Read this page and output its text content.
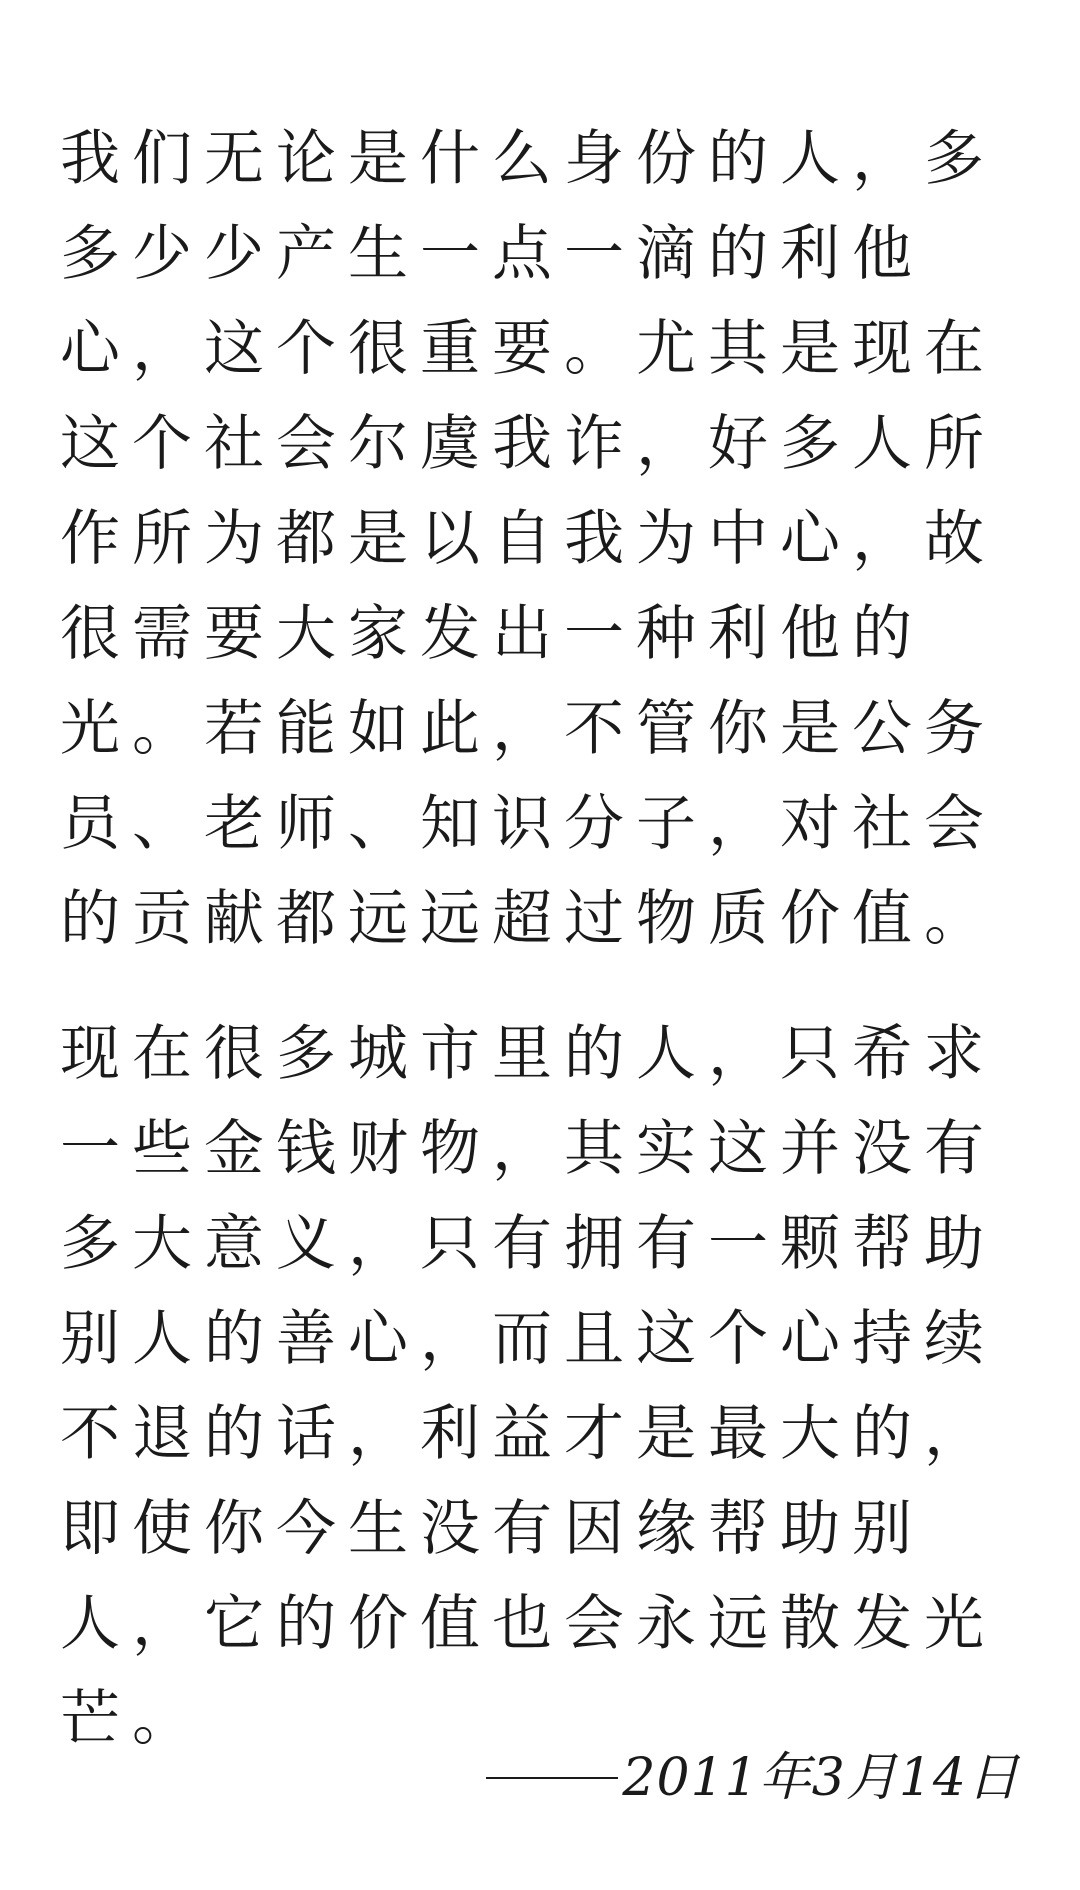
我们无论是什么身份的人，多多少少产生一点一滴的利他心，这个很重要。尤其是现在这个社会尔虞我诈，好多人所作所为都是以自我为中心，故很需要大家发出一种利他的光。若能如此，不管你是公务员、老师、知识分子，对社会的贡献都远远超过物质价值。

现在很多城市里的人，只希求一些金钱财物，其实这并没有多大意义，只有拥有一颗帮助别人的善心，而且这个心持续不退的话，利益才是最大的，即使你今生没有因缘帮助别人，它的价值也会永远散发光芒。

2011年3月14日
